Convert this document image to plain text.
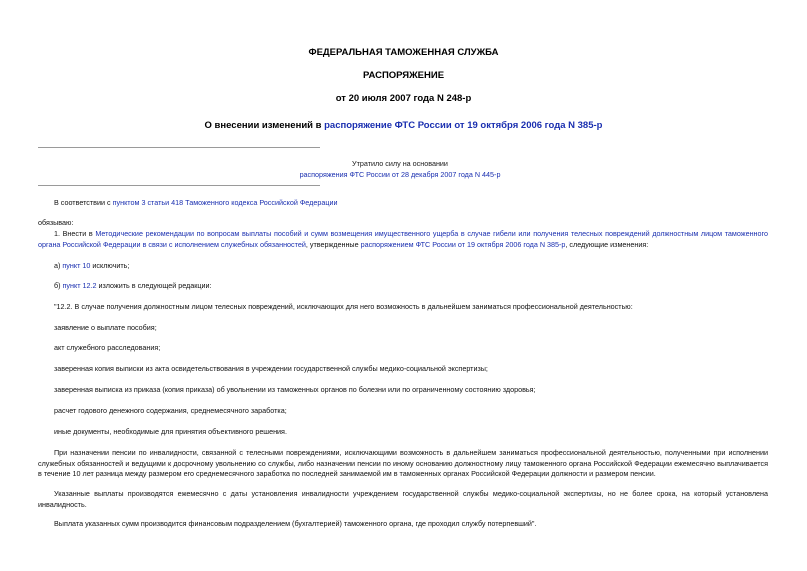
ФЕДЕРАЛЬНАЯ ТАМОЖЕННАЯ СЛУЖБА
РАСПОРЯЖЕНИЕ
от 20 июля 2007 года N 248-р
О внесении изменений в распоряжение ФТС России от 19 октября 2006 года N 385-р
Утратило силу на основании
распоряжения ФТС России от 28 декабря 2007 года N 445-р
В соответствии с пунктом 3 статьи 418 Таможенного кодекса Российской Федерации
обязываю:
1. Внести в Методические рекомендации по вопросам выплаты пособий и сумм возмещения имущественного ущерба в случае гибели или получения телесных повреждений должностным лицом таможенного органа Российской Федерации в связи с исполнением служебных обязанностей, утвержденные распоряжением ФТС России от 19 октября 2006 года N 385-р, следующие изменения:
а) пункт 10 исключить;
б) пункт 12.2 изложить в следующей редакции:
"12.2. В случае получения должностным лицом телесных повреждений, исключающих для него возможность в дальнейшем заниматься профессиональной деятельностью:
заявление о выплате пособия;
акт служебного расследования;
заверенная копия выписки из акта освидетельствования в учреждении государственной службы медико-социальной экспертизы;
заверенная выписка из приказа (копия приказа) об увольнении из таможенных органов по болезни или по ограниченному состоянию здоровья;
расчет годового денежного содержания, среднемесячного заработка;
иные документы, необходимые для принятия объективного решения.
При назначении пенсии по инвалидности, связанной с телесными повреждениями, исключающими возможность в дальнейшем заниматься профессиональной деятельностью, полученными при исполнении служебных обязанностей и ведущими к досрочному увольнению со службы, либо назначении пенсии по иному основанию должностному лицу таможенного органа Российской Федерации ежемесячно выплачивается в течение 10 лет разница между размером его среднемесячного заработка по последней занимаемой им в таможенных органах Российской Федерации должности и размером пенсии.
Указанные выплаты производятся ежемесячно с даты установления инвалидности учреждением государственной службы медико-социальной экспертизы, но не более срока, на который установлена инвалидность.
Выплата указанных сумм производится финансовым подразделением (бухгалтерией) таможенного органа, где проходил службу потерпевший".
